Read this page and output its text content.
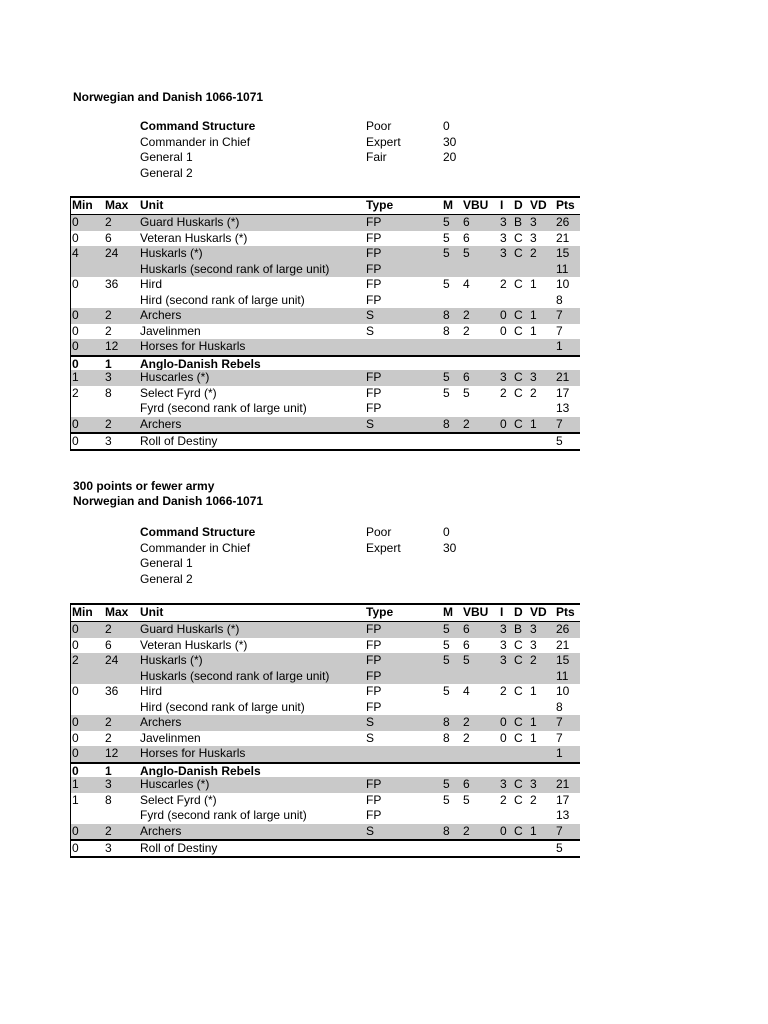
Norwegian and Danish 1066-1071
Command Structure	Poor	0
Commander in Chief	Expert	30
General 1	Fair	20
General 2
Min Max Unit	Type	M VBU I D VD Pts
0 2 Guard Huskarls (*)	FP	5 6	3 B 3 26
0 6 Veteran Huskarls (*)	FP	5 6	3 C 3 21
4 24 Huskarls (*)	FP	5 5	3 C 2 15
Huskarls (second rank of large unit)	FP	11
0 36 Hird	FP	5 4	2 C 1 10
Hird (second rank of large unit)	FP	8
0 2 Archers	S	8 2	0 C 1 7
0 2 Javelinmen	S	8 2	0 C 1 7
0 12 Horses for Huskarls	1
0 1 Anglo-Danish Rebels
1 3 Huscarles (*)	FP	5 6	3 C 3 21
2 8 Select Fyrd (*)	FP	5 5	2 C 2 17
Fyrd (second rank of large unit)	FP	13
0 2 Archers	S	8 2	0 C 1 7
0 3 Roll of Destiny	5
300 points or fewer army
Norwegian and Danish 1066-1071
Command Structure	Poor	0
Commander in Chief	Expert	30
General 1
General 2
Min Max Unit	Type	M VBU I D VD Pts
0 2 Guard Huskarls (*)	FP	5 6	3 B 3 26
0 6 Veteran Huskarls (*)	FP	5 6	3 C 3 21
2 24 Huskarls (*)	FP	5 5	3 C 2 15
Huskarls (second rank of large unit)	FP	11
0 36 Hird	FP	5 4	2 C 1 10
Hird (second rank of large unit)	FP	8
0 2 Archers	S	8 2	0 C 1 7
0 2 Javelinmen	S	8 2	0 C 1 7
0 12 Horses for Huskarls	1
0 1 Anglo-Danish Rebels
1 3 Huscarles (*)	FP	5 6	3 C 3 21
1 8 Select Fyrd (*)	FP	5 5	2 C 2 17
Fyrd (second rank of large unit)	FP	13
0 2 Archers	S	8 2	0 C 1 7
0 3 Roll of Destiny	5
